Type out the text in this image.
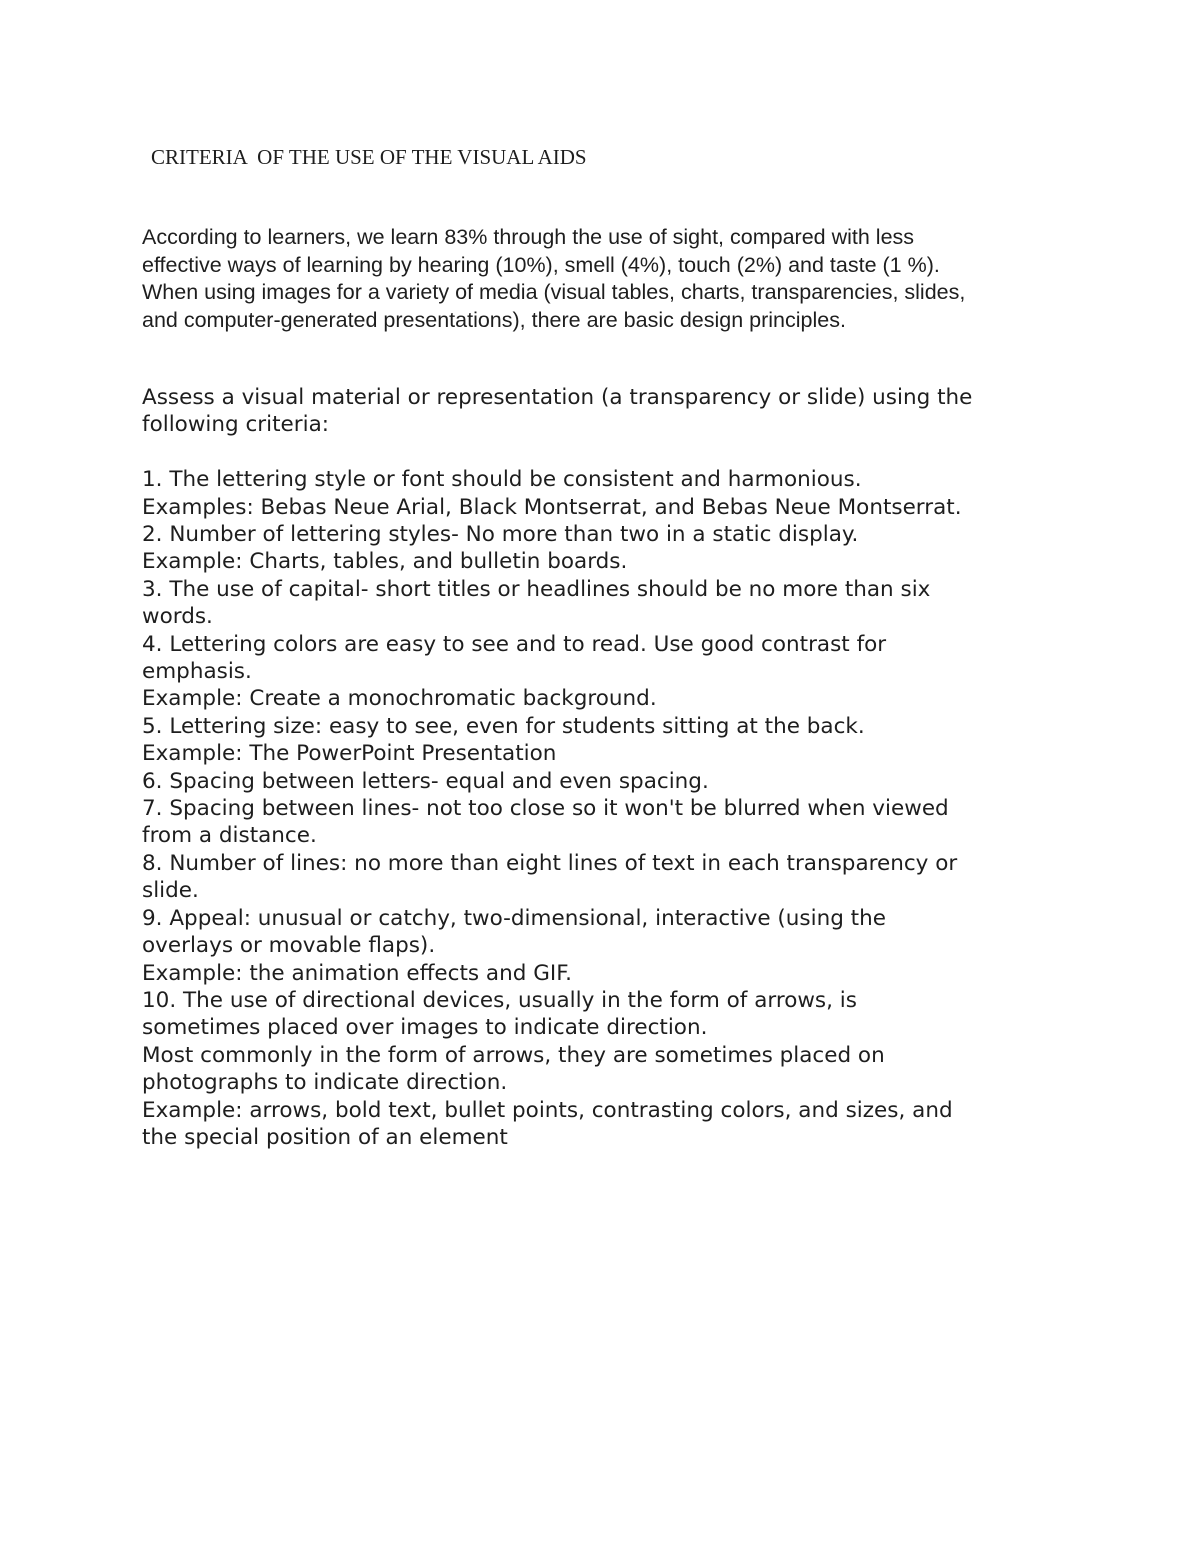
CRITERIA  OF THE USE OF THE VISUAL AIDS
According to learners, we learn 83% through the use of sight, compared with less
effective ways of learning by hearing (10%), smell (4%), touch (2%) and taste (1 %).
When using images for a variety of media (visual tables, charts, transparencies, slides,
and computer-generated presentations), there are basic design principles.
Assess a visual material or representation (a transparency or slide) using the
following criteria:
1. The lettering style or font should be consistent and harmonious.
Examples: Bebas Neue Arial, Black Montserrat, and Bebas Neue Montserrat.
2. Number of lettering styles- No more than two in a static display.
Example: Charts, tables, and bulletin boards.
3. The use of capital- short titles or headlines should be no more than six
words.
4. Lettering colors are easy to see and to read. Use good contrast for
emphasis.
Example: Create a monochromatic background.
5. Lettering size: easy to see, even for students sitting at the back.
Example: The PowerPoint Presentation
6. Spacing between letters- equal and even spacing.
7. Spacing between lines- not too close so it won't be blurred when viewed
from a distance.
8. Number of lines: no more than eight lines of text in each transparency or
slide.
9. Appeal: unusual or catchy, two-dimensional, interactive (using the
overlays or movable flaps).
Example: the animation effects and GIF.
10. The use of directional devices, usually in the form of arrows, is
sometimes placed over images to indicate direction.
Most commonly in the form of arrows, they are sometimes placed on
photographs to indicate direction.
Example: arrows, bold text, bullet points, contrasting colors, and sizes, and
the special position of an element
